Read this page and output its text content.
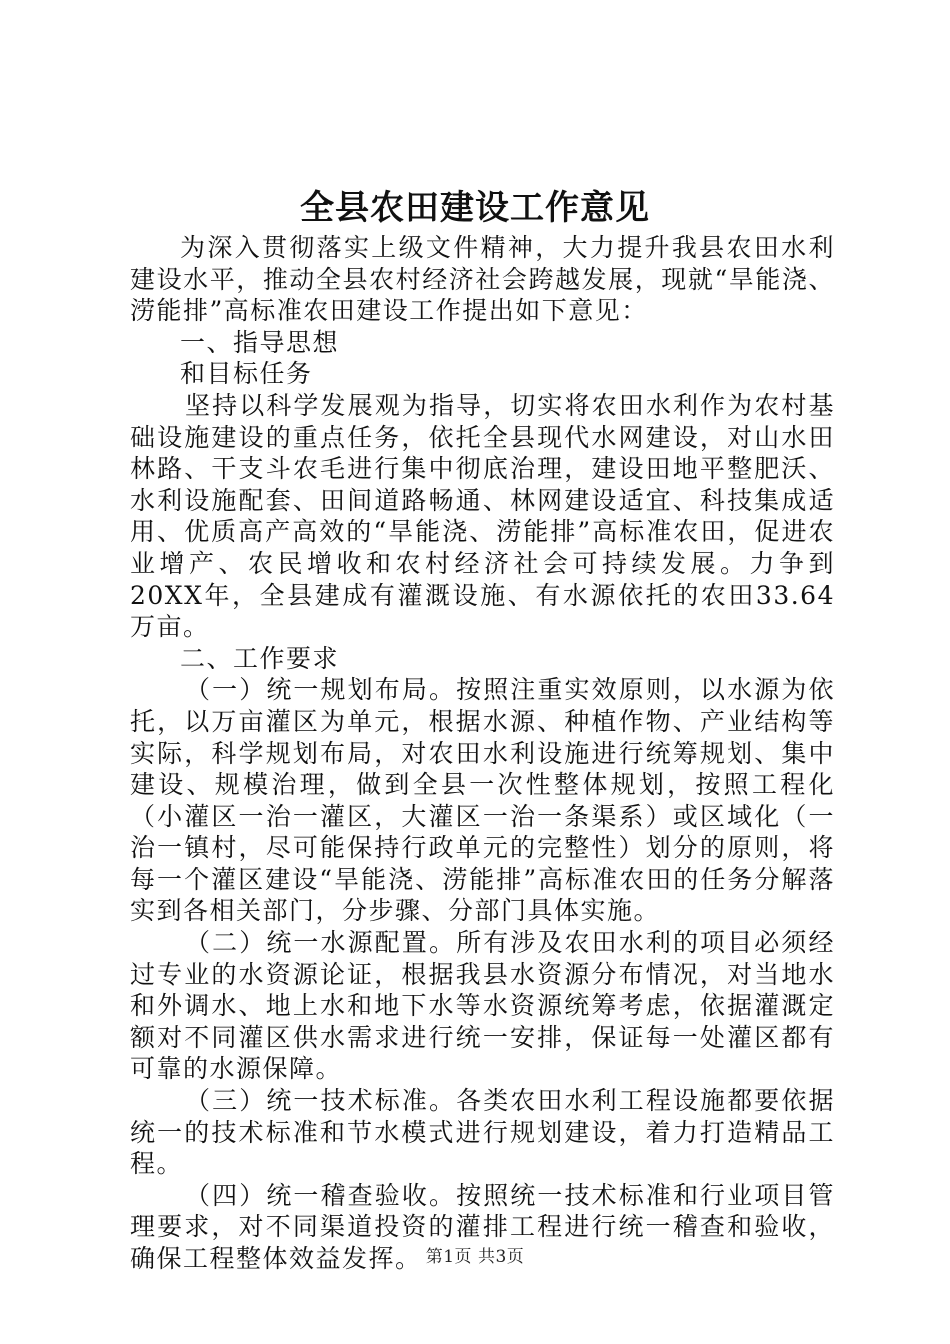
全县农田建设工作意见

为深入贯彻落实上级文件精神，大力提升我县农田水利建设水平，推动全县农村经济社会跨越发展，现就“旱能浇、涝能排”高标准农田建设工作提出如下意见：

一、指导思想

和目标任务

坚持以科学发展观为指导，切实将农田水利作为农村基础设施建设的重点任务，依托全县现代水网建设，对山水田林路、干支斗农毛进行集中彻底治理，建设田地平整肥沃、水利设施配套、田间道路畅通、林网建设适宜、科技集成适用、优质高产高效的“旱能浇、涝能排”高标准农田，促进农业增产、农民增收和农村经济社会可持续发展。力争到20XX年，全县建成有灌溉设施、有水源依托的农田33.64万亩。

二、工作要求

（一）统一规划布局。按照注重实效原则，以水源为依托，以万亩灌区为单元，根据水源、种植作物、产业结构等实际，科学规划布局，对农田水利设施进行统筹规划、集中建设、规模治理，做到全县一次性整体规划，按照工程化（小灌区一治一灌区，大灌区一治一条渠系）或区域化（一治一镇村，尽可能保持行政单元的完整性）划分的原则，将每一个灌区建设“旱能浇、涝能排”高标准农田的任务分解落实到各相关部门，分步骤、分部门具体实施。

（二）统一水源配置。所有涉及农田水利的项目必须经过专业的水资源论证，根据我县水资源分布情况，对当地水和外调水、地上水和地下水等水资源统筹考虑，依据灌溉定额对不同灌区供水需求进行统一安排，保证每一处灌区都有可靠的水源保障。

（三）统一技术标准。各类农田水利工程设施都要依据统一的技术标准和节水模式进行规划建设，着力打造精品工程。

（四）统一稽查验收。按照统一技术标准和行业项目管理要求，对不同渠道投资的灌排工程进行统一稽查和验收，确保工程整体效益发挥。 第1页 共3页
